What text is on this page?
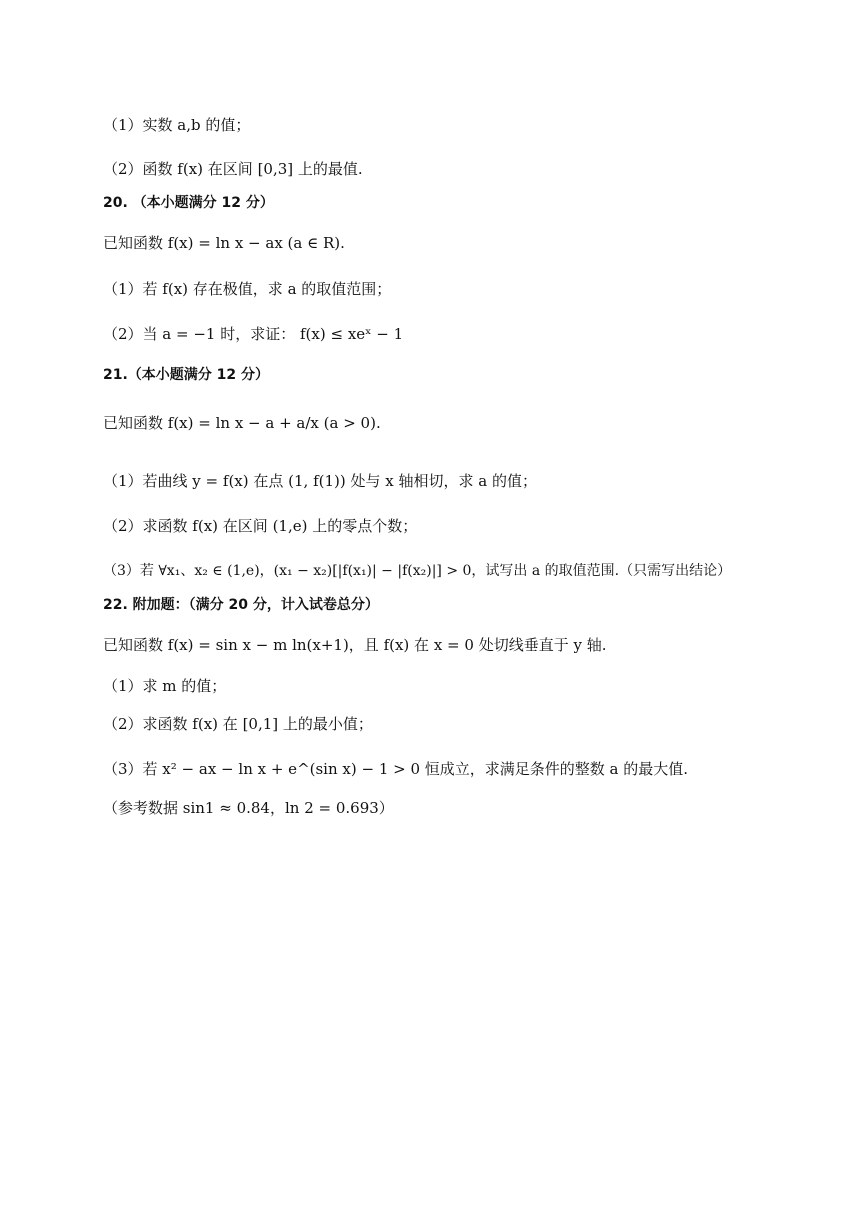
（1）实数 a,b 的值；
（2）函数 f(x) 在区间 [0,3] 上的最值.
20. （本小题满分 12 分）
已知函数 f(x) = ln x − ax (a ∈ R).
（1）若 f(x) 存在极值，求 a 的取值范围；
（2）当 a = −1 时，求证： f(x) ≤ xeˣ − 1
21.（本小题满分 12 分）
已知函数 f(x) = ln x − a + a/x (a > 0).
（1）若曲线 y = f(x) 在点 (1, f(1)) 处与 x 轴相切，求 a 的值；
（2）求函数 f(x) 在区间 (1,e) 上的零点个数；
（3）若 ∀x₁、x₂ ∈ (1,e)，(x₁ − x₂)[|f(x₁)| − |f(x₂)|] > 0，试写出 a 的取值范围.（只需写出结论）
22. 附加题：（满分 20 分，计入试卷总分）
已知函数 f(x) = sin x − m ln(x+1)，且 f(x) 在 x = 0 处切线垂直于 y 轴.
（1）求 m 的值；
（2）求函数 f(x) 在 [0,1] 上的最小值；
（3）若 x² − ax − ln x + e^(sin x) − 1 > 0 恒成立，求满足条件的整数 a 的最大值.
（参考数据 sin1 ≈ 0.84，ln 2 = 0.693）
